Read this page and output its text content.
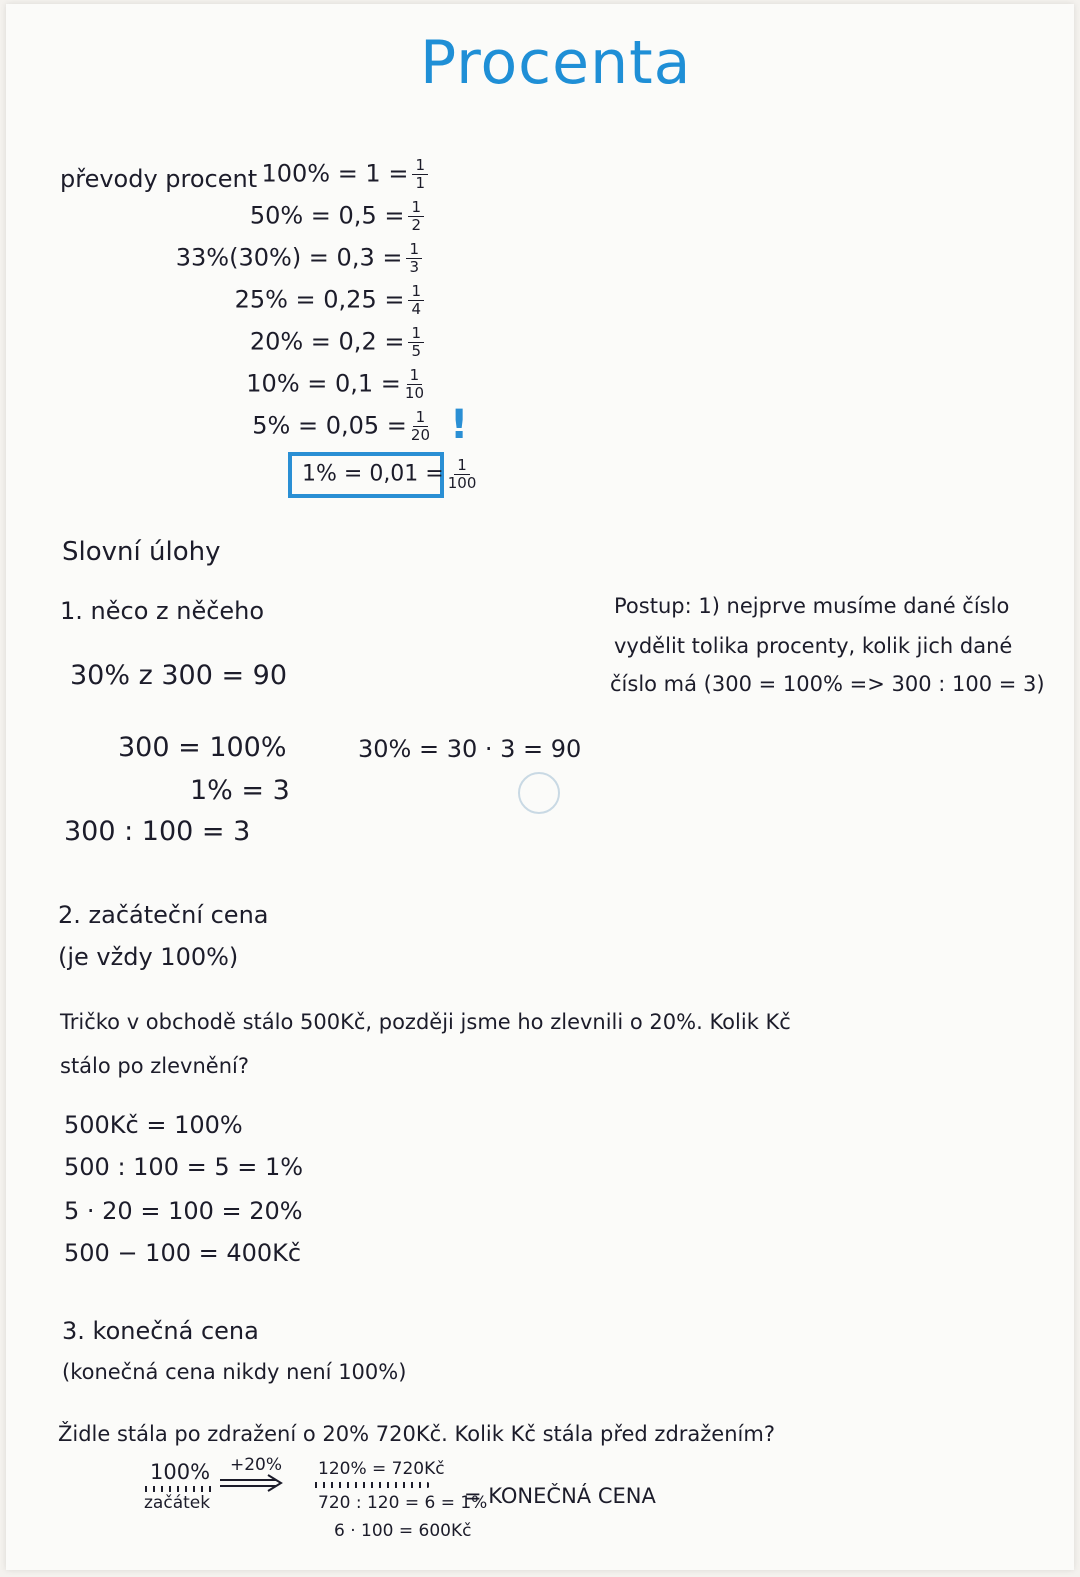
Procenta
převody procent $100\% = 1 = \frac{1}{1}$
$50\% = 0,5 = \frac{1}{2}$
$33\%(30\%) = 0,3 = \frac{1}{3}$
$25\% = 0,25 = \frac{1}{4}$
$20\% = 0,2 = \frac{1}{5}$
$10\% = 0,1 = \frac{1}{10}$
$5\% = 0,05 = \frac{1}{20}$
$1\% = 0,01 = \frac{1}{100}$
!
Slovní úlohy
1. něco z něčeho
30% z 300 = 90
300 = 100%
1% = 3
300 : 100 = 3
30% = 30 · 3 = 90
Postup: 1) nejprve musíme dané číslo
vydělit tolika procenty, kolik jich dané
číslo má (300 = 100% => 300 : 100 = 3)
2. začáteční cena
(je vždy 100%)
Tričko v obchodě stálo 500Kč, později jsme ho zlevnili o 20%. Kolik Kč
stálo po zlevnění?
500Kč = 100%
500 : 100 = 5 = 1%
5 · 20 = 100 = 20%
500 − 100 = 400Kč
3. konečná cena
(konečná cena nikdy není 100%)
Židle stála po zdražení o 20% 720Kč. Kolik Kč stála před zdražením?
100%
začátek
+20% 120% = 720Kč
720 : 120 = 6 = 1%
6 · 100 = 600Kč
= KONEČNÁ CENA
